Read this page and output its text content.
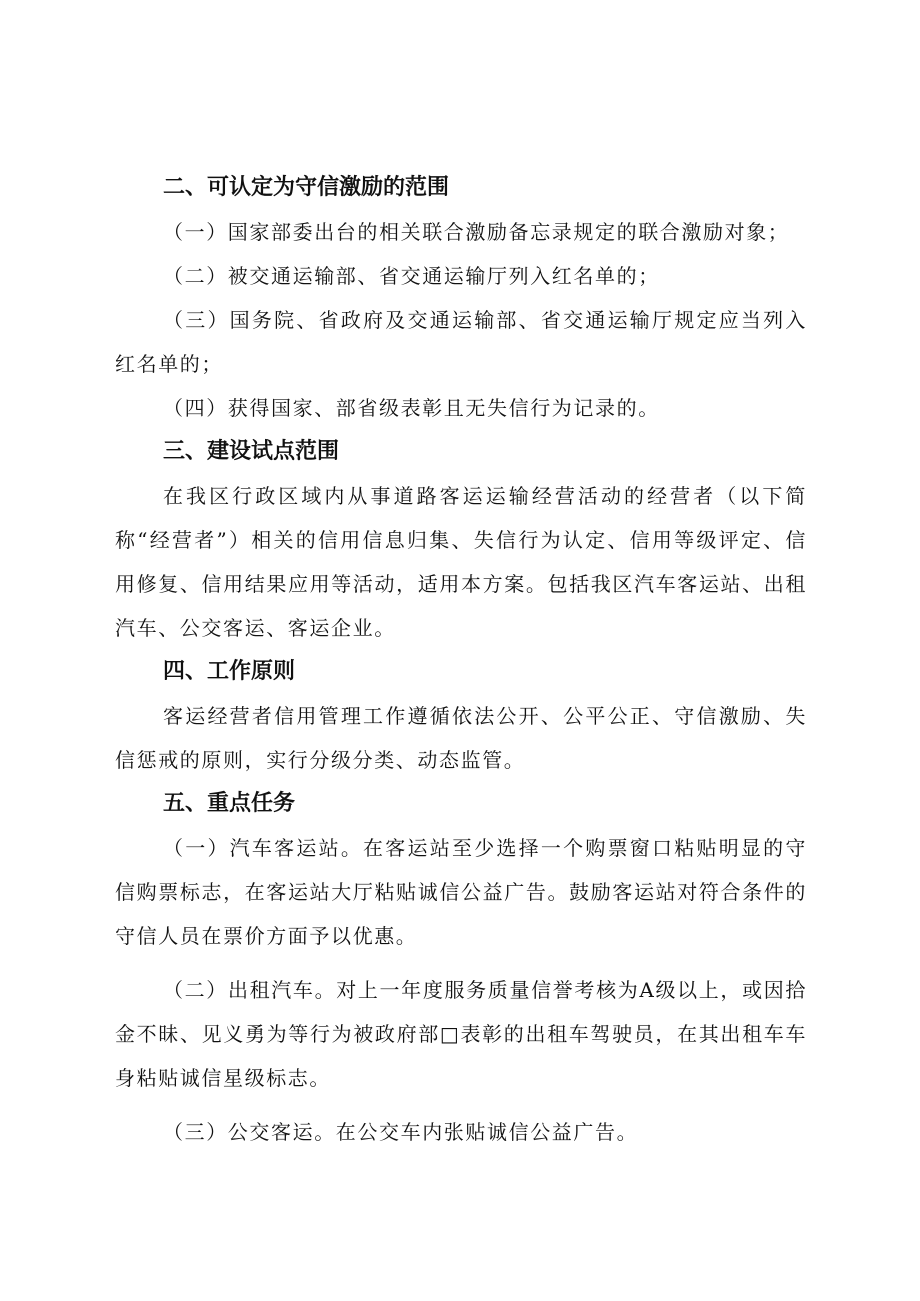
二、可认定为守信激励的范围

（一）国家部委出台的相关联合激励备忘录规定的联合激励对象；

（二）被交通运输部、省交通运输厅列入红名单的；

（三）国务院、省政府及交通运输部、省交通运输厅规定应当列入红名单的；

（四）获得国家、部省级表彰且无失信行为记录的。

三、建设试点范围

在我区行政区域内从事道路客运运输经营活动的经营者（以下简称“经营者”）相关的信用信息归集、失信行为认定、信用等级评定、信用修复、信用结果应用等活动，适用本方案。包括我区汽车客运站、出租汽车、公交客运、客运企业。

四、工作原则

客运经营者信用管理工作遵循依法公开、公平公正、守信激励、失信惩戒的原则，实行分级分类、动态监管。

五、重点任务

（一）汽车客运站。在客运站至少选择一个购票窗口粘贴明显的守信购票标志，在客运站大厅粘贴诚信公益广告。鼓励客运站对符合条件的守信人员在票价方面予以优惠。

（二）出租汽车。对上一年度服务质量信誉考核为A级以上，或因拾金不昧、见义勇为等行为被政府部□表彰的出租车驾驶员，在其出租车车身粘贴诚信星级标志。

（三）公交客运。在公交车内张贴诚信公益广告。
